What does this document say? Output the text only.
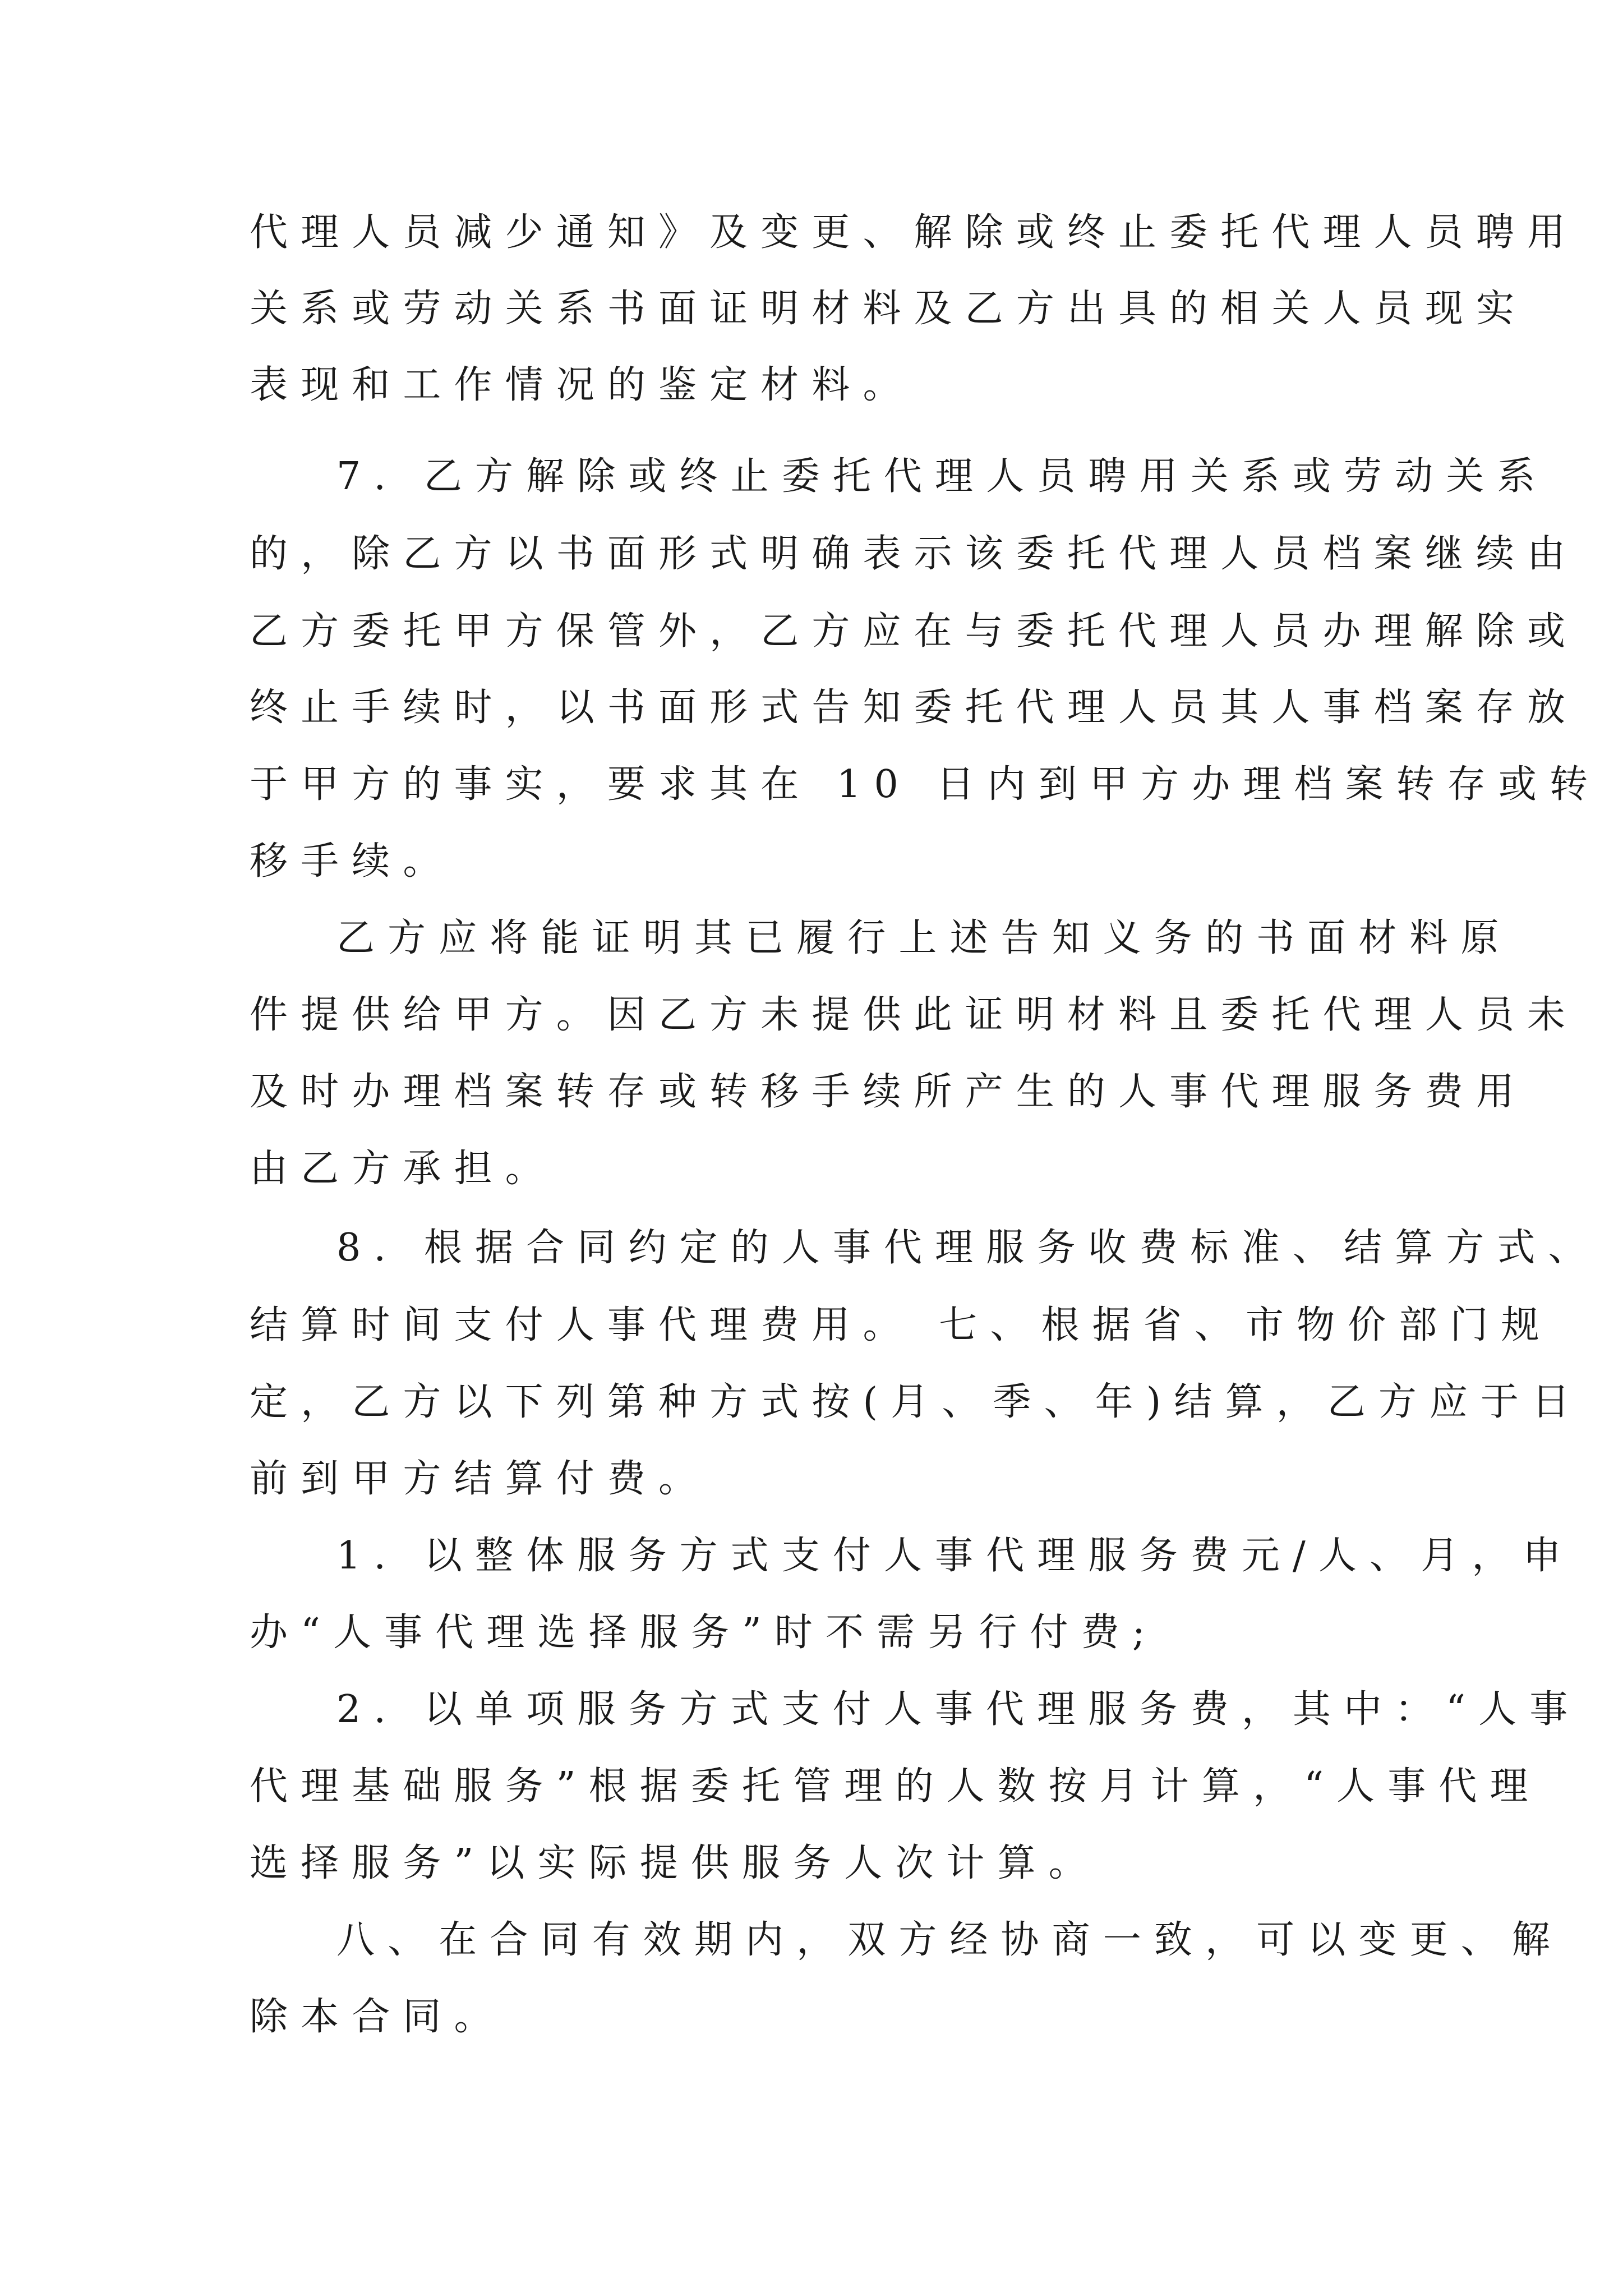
代理人员减少通知》及变更、解除或终止委托代理人员聘用
关系或劳动关系书面证明材料及乙方出具的相关人员现实
表现和工作情况的鉴定材料。
7. 乙方解除或终止委托代理人员聘用关系或劳动关系
的，除乙方以书面形式明确表示该委托代理人员档案继续由
乙方委托甲方保管外，乙方应在与委托代理人员办理解除或
终止手续时，以书面形式告知委托代理人员其人事档案存放
于甲方的事实，要求其在 10 日内到甲方办理档案转存或转
移手续。
乙方应将能证明其已履行上述告知义务的书面材料原
件提供给甲方。因乙方未提供此证明材料且委托代理人员未
及时办理档案转存或转移手续所产生的人事代理服务费用
由乙方承担。
8. 根据合同约定的人事代理服务收费标准、结算方式、
结算时间支付人事代理费用。 七、根据省、市物价部门规
定，乙方以下列第种方式按(月、季、年)结算，乙方应于日
前到甲方结算付费。
1. 以整体服务方式支付人事代理服务费元/人、月，申
办“人事代理选择服务”时不需另行付费;
2. 以单项服务方式支付人事代理服务费，其中：“人事
代理基础服务”根据委托管理的人数按月计算，“人事代理
选择服务”以实际提供服务人次计算。
八、在合同有效期内，双方经协商一致，可以变更、解
除本合同。
